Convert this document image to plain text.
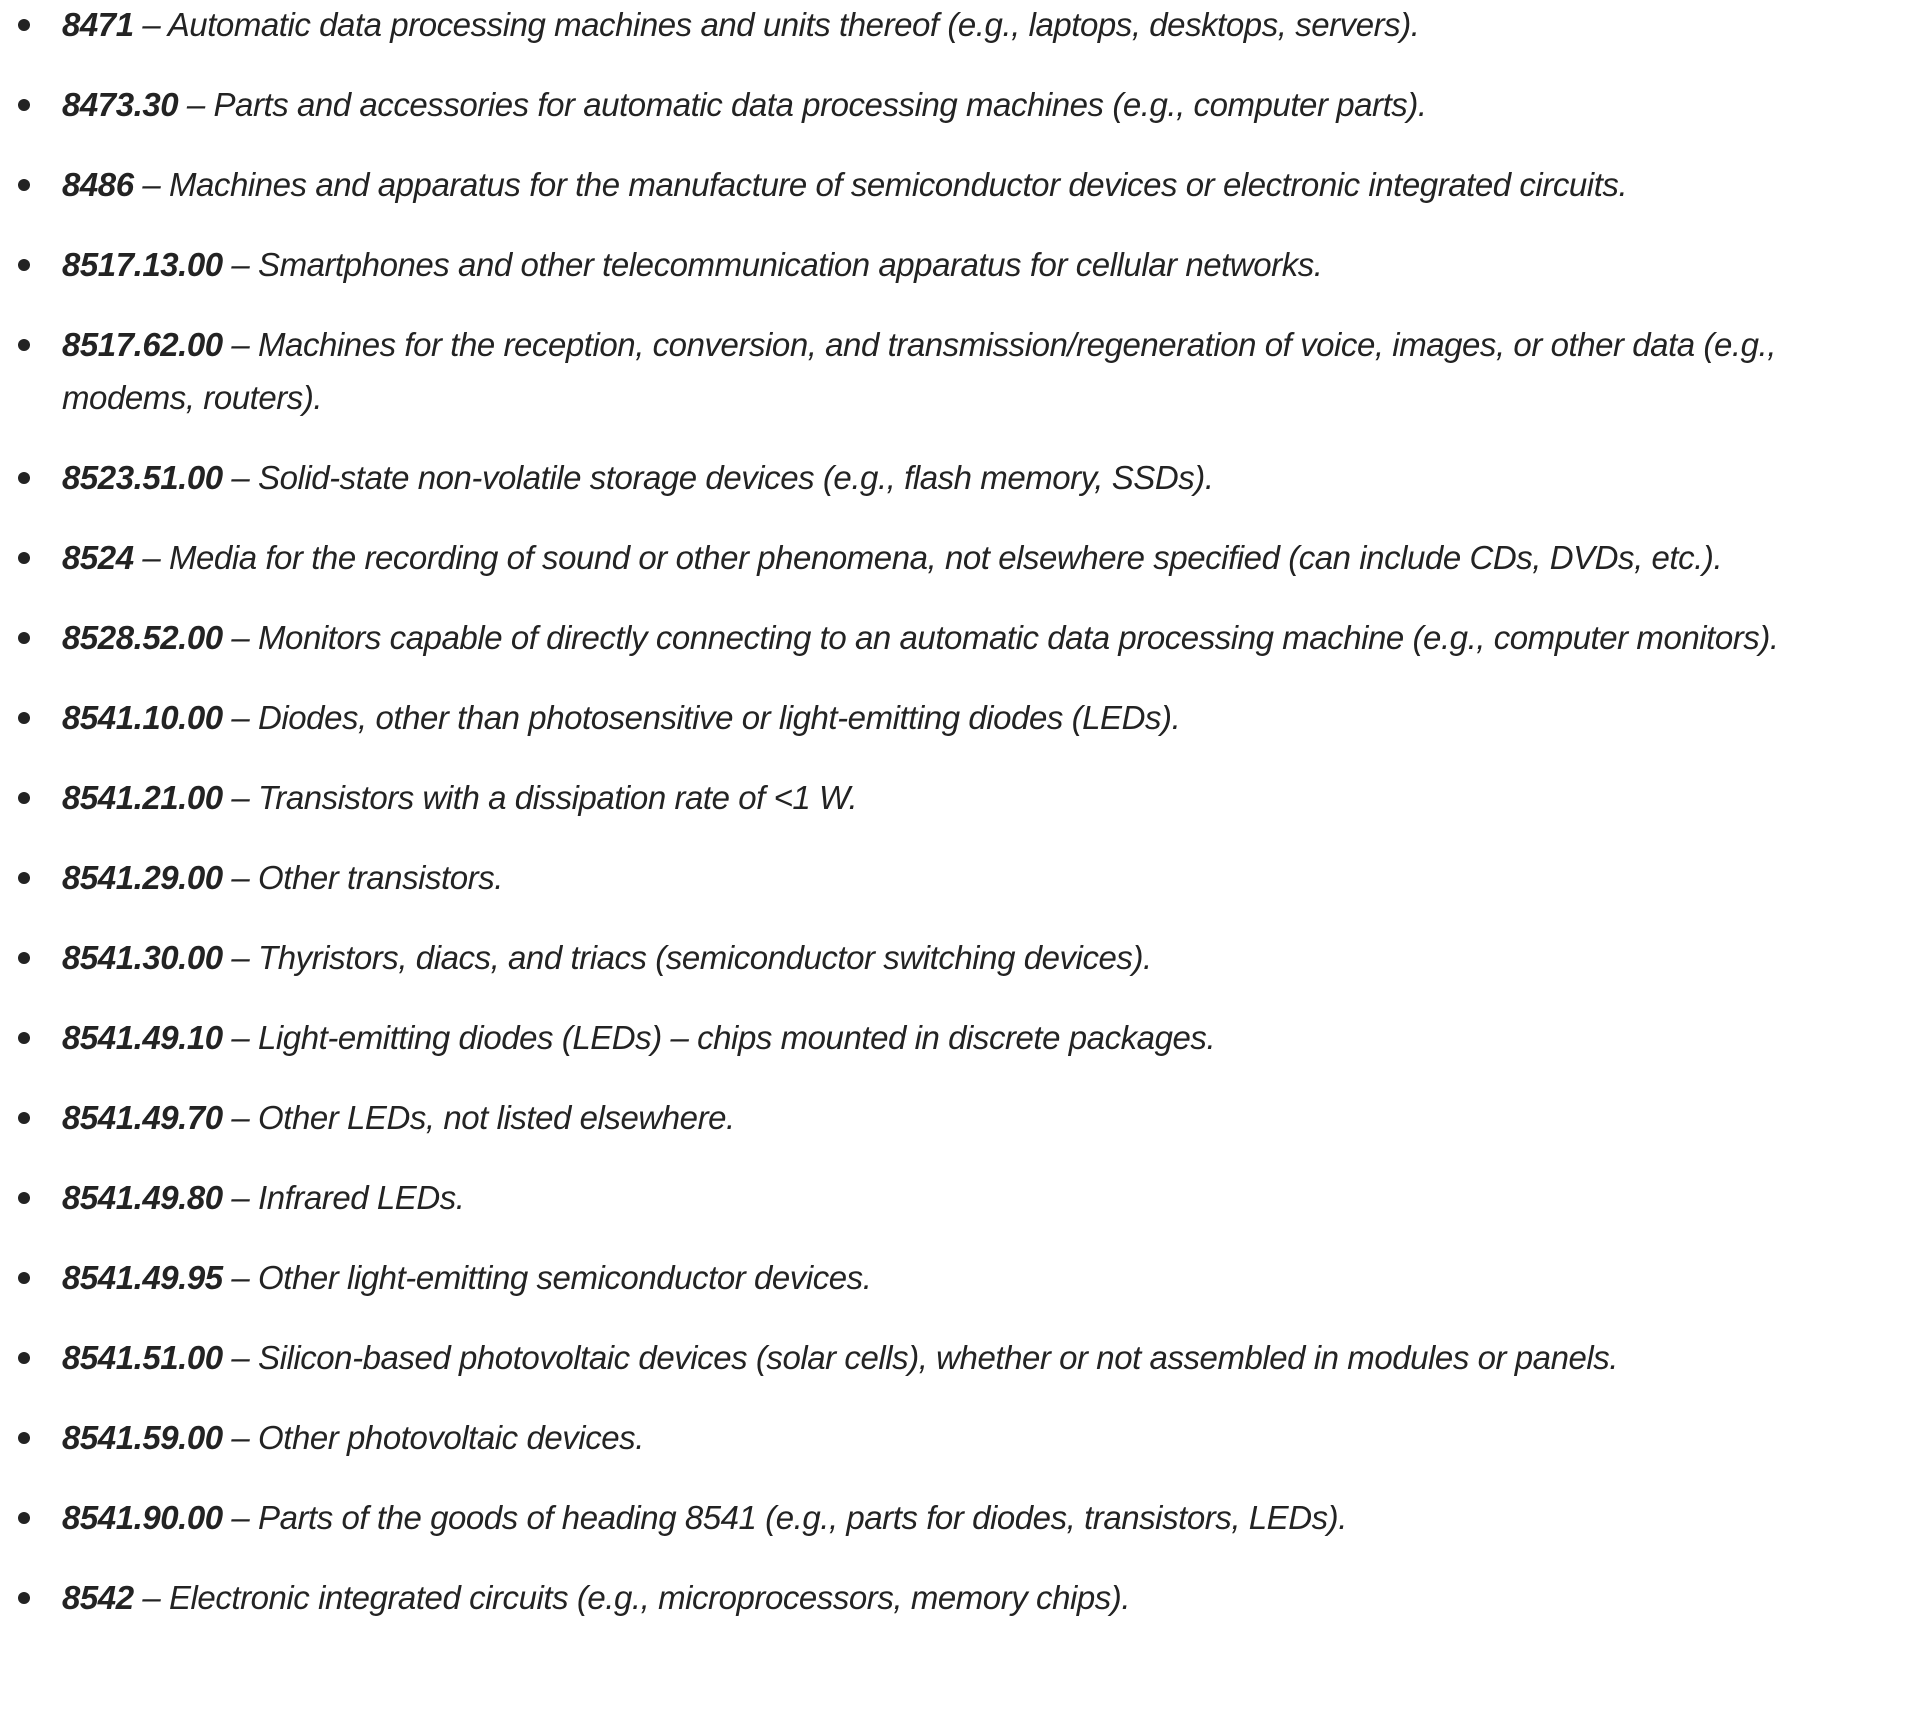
8471 – Automatic data processing machines and units thereof (e.g., laptops, desktops, servers).
8473.30 – Parts and accessories for automatic data processing machines (e.g., computer parts).
8486 – Machines and apparatus for the manufacture of semiconductor devices or electronic integrated circuits.
8517.13.00 – Smartphones and other telecommunication apparatus for cellular networks.
8517.62.00 – Machines for the reception, conversion, and transmission/regeneration of voice, images, or other data (e.g., modems, routers).
8523.51.00 – Solid-state non-volatile storage devices (e.g., flash memory, SSDs).
8524 – Media for the recording of sound or other phenomena, not elsewhere specified (can include CDs, DVDs, etc.).
8528.52.00 – Monitors capable of directly connecting to an automatic data processing machine (e.g., computer monitors).
8541.10.00 – Diodes, other than photosensitive or light-emitting diodes (LEDs).
8541.21.00 – Transistors with a dissipation rate of <1 W.
8541.29.00 – Other transistors.
8541.30.00 – Thyristors, diacs, and triacs (semiconductor switching devices).
8541.49.10 – Light-emitting diodes (LEDs) – chips mounted in discrete packages.
8541.49.70 – Other LEDs, not listed elsewhere.
8541.49.80 – Infrared LEDs.
8541.49.95 – Other light-emitting semiconductor devices.
8541.51.00 – Silicon-based photovoltaic devices (solar cells), whether or not assembled in modules or panels.
8541.59.00 – Other photovoltaic devices.
8541.90.00 – Parts of the goods of heading 8541 (e.g., parts for diodes, transistors, LEDs).
8542 – Electronic integrated circuits (e.g., microprocessors, memory chips).
